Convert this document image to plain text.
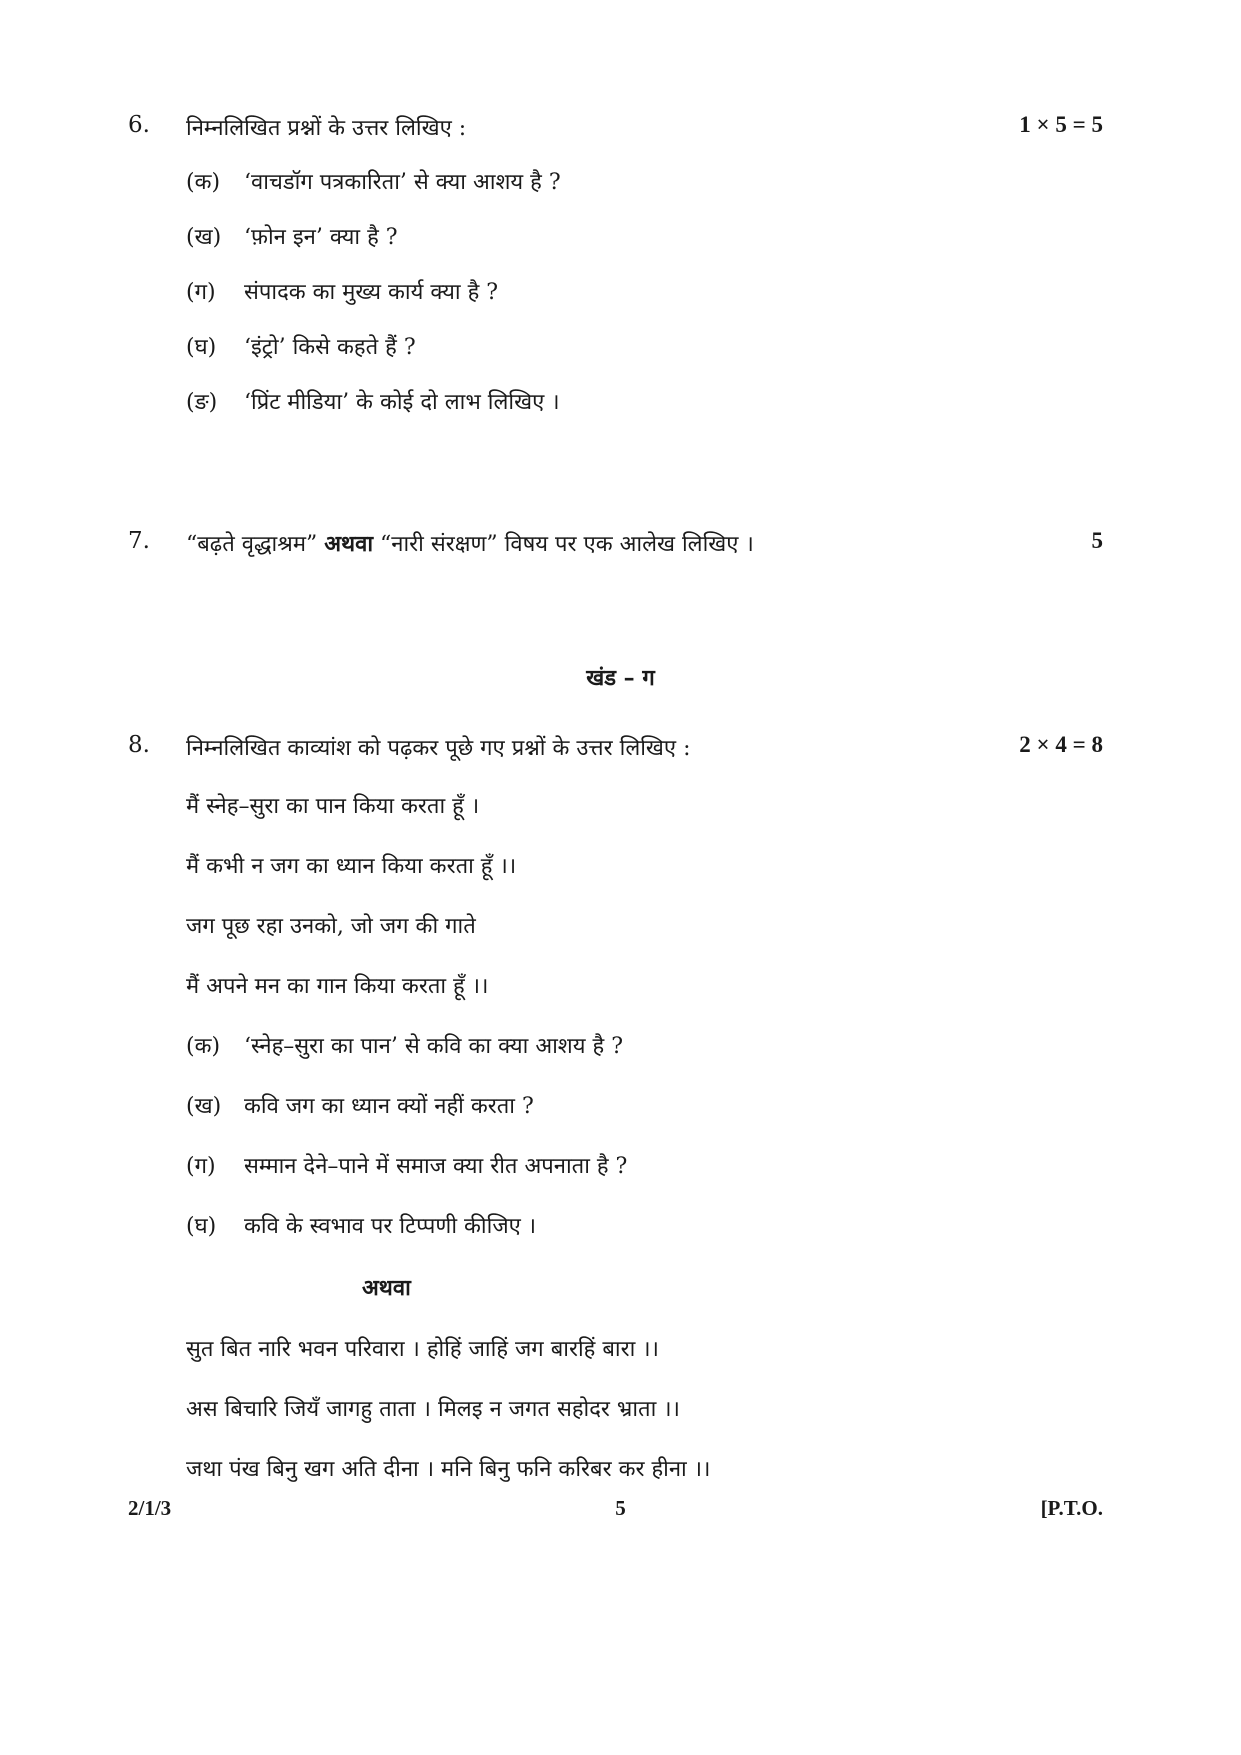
6. निम्नलिखित प्रश्नों के उत्तर लिखिए :	1 × 5 = 5
(क) ‘वाचडॉग पत्रकारिता’ से क्या आशय है ?
(ख) ‘फ़ोन इन’ क्या है ?
(ग) संपादक का मुख्य कार्य क्या है ?
(घ) ‘इंट्रो’ किसे कहते हैं ?
(ङ) ‘प्रिंट मीडिया’ के कोई दो लाभ लिखिए ।
7. “बढ़ते वृद्धाश्रम” अथवा “नारी संरक्षण” विषय पर एक आलेख लिखिए ।	5
खंड – ग
8. निम्नलिखित काव्यांश को पढ़कर पूछे गए प्रश्नों के उत्तर लिखिए :	2 × 4 = 8
मैं स्नेह–सुरा का पान किया करता हूँ ।
मैं कभी न जग का ध्यान किया करता हूँ ।।
जग पूछ रहा उनको, जो जग की गाते
मैं अपने मन का गान किया करता हूँ ।।
(क) ‘स्नेह–सुरा का पान’ से कवि का क्या आशय है ?
(ख) कवि जग का ध्यान क्यों नहीं करता ?
(ग) सम्मान देने–पाने में समाज क्या रीत अपनाता है ?
(घ) कवि के स्वभाव पर टिप्पणी कीजिए ।
अथवा
सुत बित नारि भवन परिवारा । होहिं जाहिं जग बारहिं बारा ।।
अस बिचारि जियँ जागहु ताता । मिलइ न जगत सहोदर भ्राता ।।
जथा पंख बिनु खग अति दीना । मनि बिनु फनि करिबर कर हीना ।।
2/1/3	5	[P.T.O.
